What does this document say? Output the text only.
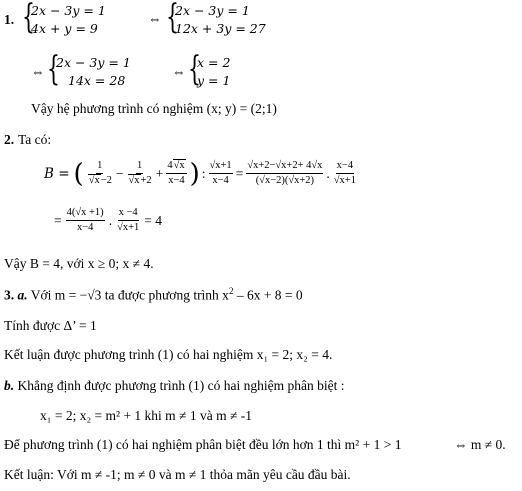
1. {
2x − 3y = 1
4x + y = 9
⇔ {
2x − 3y = 1
12x + 3y = 27
⇔ {
2x − 3y = 1
14x = 28
⇔ {
x = 2
y = 1
Vậy hệ phương trình có nghiệm (x; y) = (2;1)
2. Ta có:
B = ( $\frac{1}{√x-2} - \frac{1}{√x+2} + \frac{4√x}{x-4}$ ) : $\frac{√x+1}{x-4} = \frac{√x+2-√x+2+ 4√x}{(√x-2)(√x+2)}$ . $\frac{x-4}{√x+1}$
= $\frac{4(√x +1)}{x-4}$ . $\frac{x -4}{√x+1} = 4$
Vậy B = 4, với x ≥ 0; x ≠ 4.
3. a. Với m = −√3 ta được phương trình $x^2 - 6x + 8 = 0$
Tính được Δ’ = 1
Kết luận được phương trình (1) có hai nghiệm x₁ = 2; x₂ = 4.
b. Khẳng định được phương trình (1) có hai nghiệm phân biệt :
x₁ = 2; x₂ = m² + 1 khi m ≠ 1 và m ≠ -1
Để phương trình (1) có hai nghiệm phân biệt đều lớn hơn 1 thì m² + 1 > 1	⇔ m ≠ 0.
Kết luận: Với m ≠ -1; m ≠ 0 và m ≠ 1 thỏa mãn yêu cầu đầu bài.
